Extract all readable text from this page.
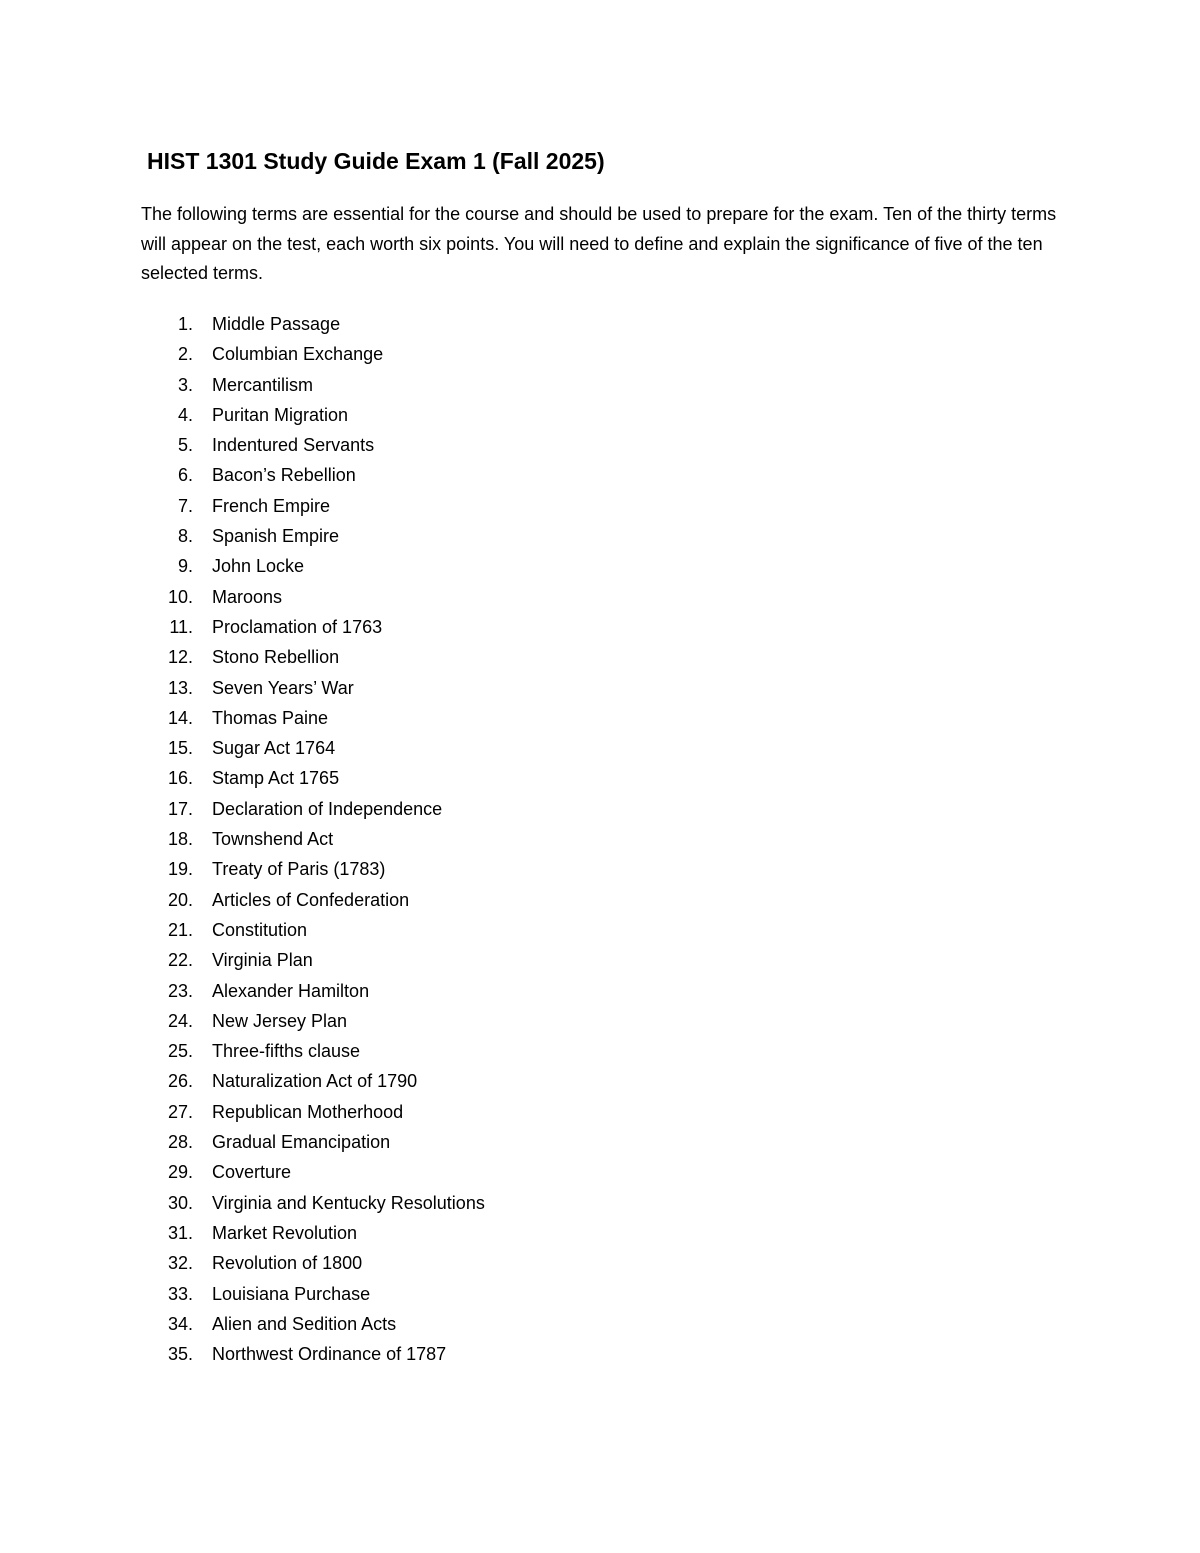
HIST 1301 Study Guide Exam 1 (Fall 2025)

The following terms are essential for the course and should be used to prepare for the exam. Ten of the thirty terms will appear on the test, each worth six points. You will need to define and explain the significance of five of the ten selected terms.

1. Middle Passage
2. Columbian Exchange
3. Mercantilism
4. Puritan Migration
5. Indentured Servants
6. Bacon’s Rebellion
7. French Empire
8. Spanish Empire
9. John Locke
10. Maroons
11. Proclamation of 1763
12. Stono Rebellion
13. Seven Years’ War
14. Thomas Paine
15. Sugar Act 1764
16. Stamp Act 1765
17. Declaration of Independence
18. Townshend Act
19. Treaty of Paris (1783)
20. Articles of Confederation
21. Constitution
22. Virginia Plan
23. Alexander Hamilton
24. New Jersey Plan
25. Three-fifths clause
26. Naturalization Act of 1790
27. Republican Motherhood
28. Gradual Emancipation
29. Coverture
30. Virginia and Kentucky Resolutions
31. Market Revolution
32. Revolution of 1800
33. Louisiana Purchase
34. Alien and Sedition Acts
35. Northwest Ordinance of 1787
